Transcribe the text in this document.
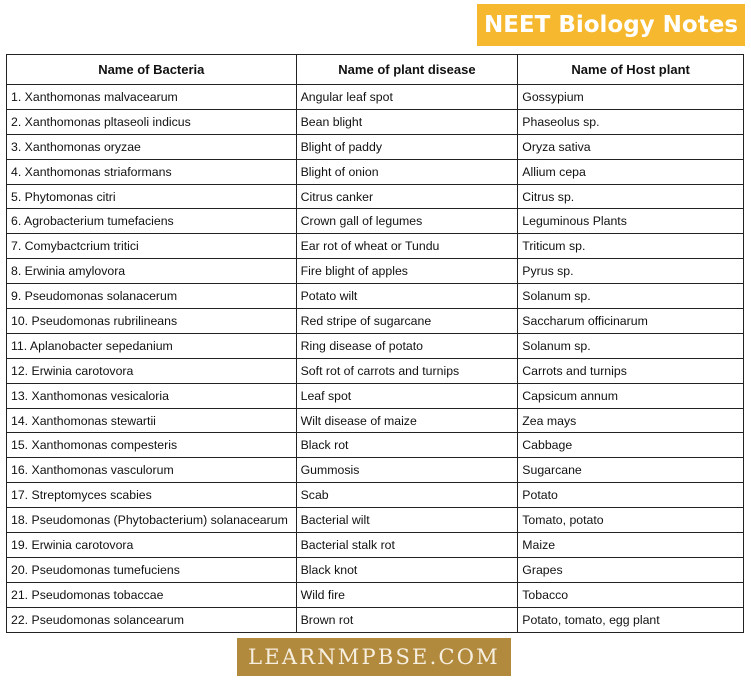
NEET Biology Notes
Name of Bacteria	Name of plant disease	Name of Host plant
1. Xanthomonas malvacearum	Angular leaf spot	Gossypium
2. Xanthomonas pltaseoli indicus	Bean blight	Phaseolus sp.
3. Xanthomonas oryzae	Blight of paddy	Oryza sativa
4. Xanthomonas striaformans	Blight of onion	Allium cepa
5. Phytomonas citri	Citrus canker	Citrus sp.
6. Agrobacterium tumefaciens	Crown gall of legumes	Leguminous Plants
7. Comybactcrium tritici	Ear rot of wheat or Tundu	Triticum sp.
8. Erwinia amylovora	Fire blight of apples	Pyrus sp.
9. Pseudomonas solanacerum	Potato wilt	Solanum sp.
10. Pseudomonas rubrilineans	Red stripe of sugarcane	Saccharum officinarum
11. Aplanobacter sepedanium	Ring disease of potato	Solanum sp.
12. Erwinia carotovora	Soft rot of carrots and turnips	Carrots and turnips
13. Xanthomonas vesicaloria	Leaf spot	Capsicum annum
14. Xanthomonas stewartii	Wilt disease of maize	Zea mays
15. Xanthomonas compesteris	Black rot	Cabbage
16. Xanthomonas vasculorum	Gummosis	Sugarcane
17. Streptomyces scabies	Scab	Potato
18. Pseudomonas (Phytobacterium) solanacearum	Bacterial wilt	Tomato, potato
19. Erwinia carotovora	Bacterial stalk rot	Maize
20. Pseudomonas tumefuciens	Black knot	Grapes
21. Pseudomonas tobaccae	Wild fire	Tobacco
22. Pseudomonas solancearum	Brown rot	Potato, tomato, egg plant
LEARNMPBSE.COM
